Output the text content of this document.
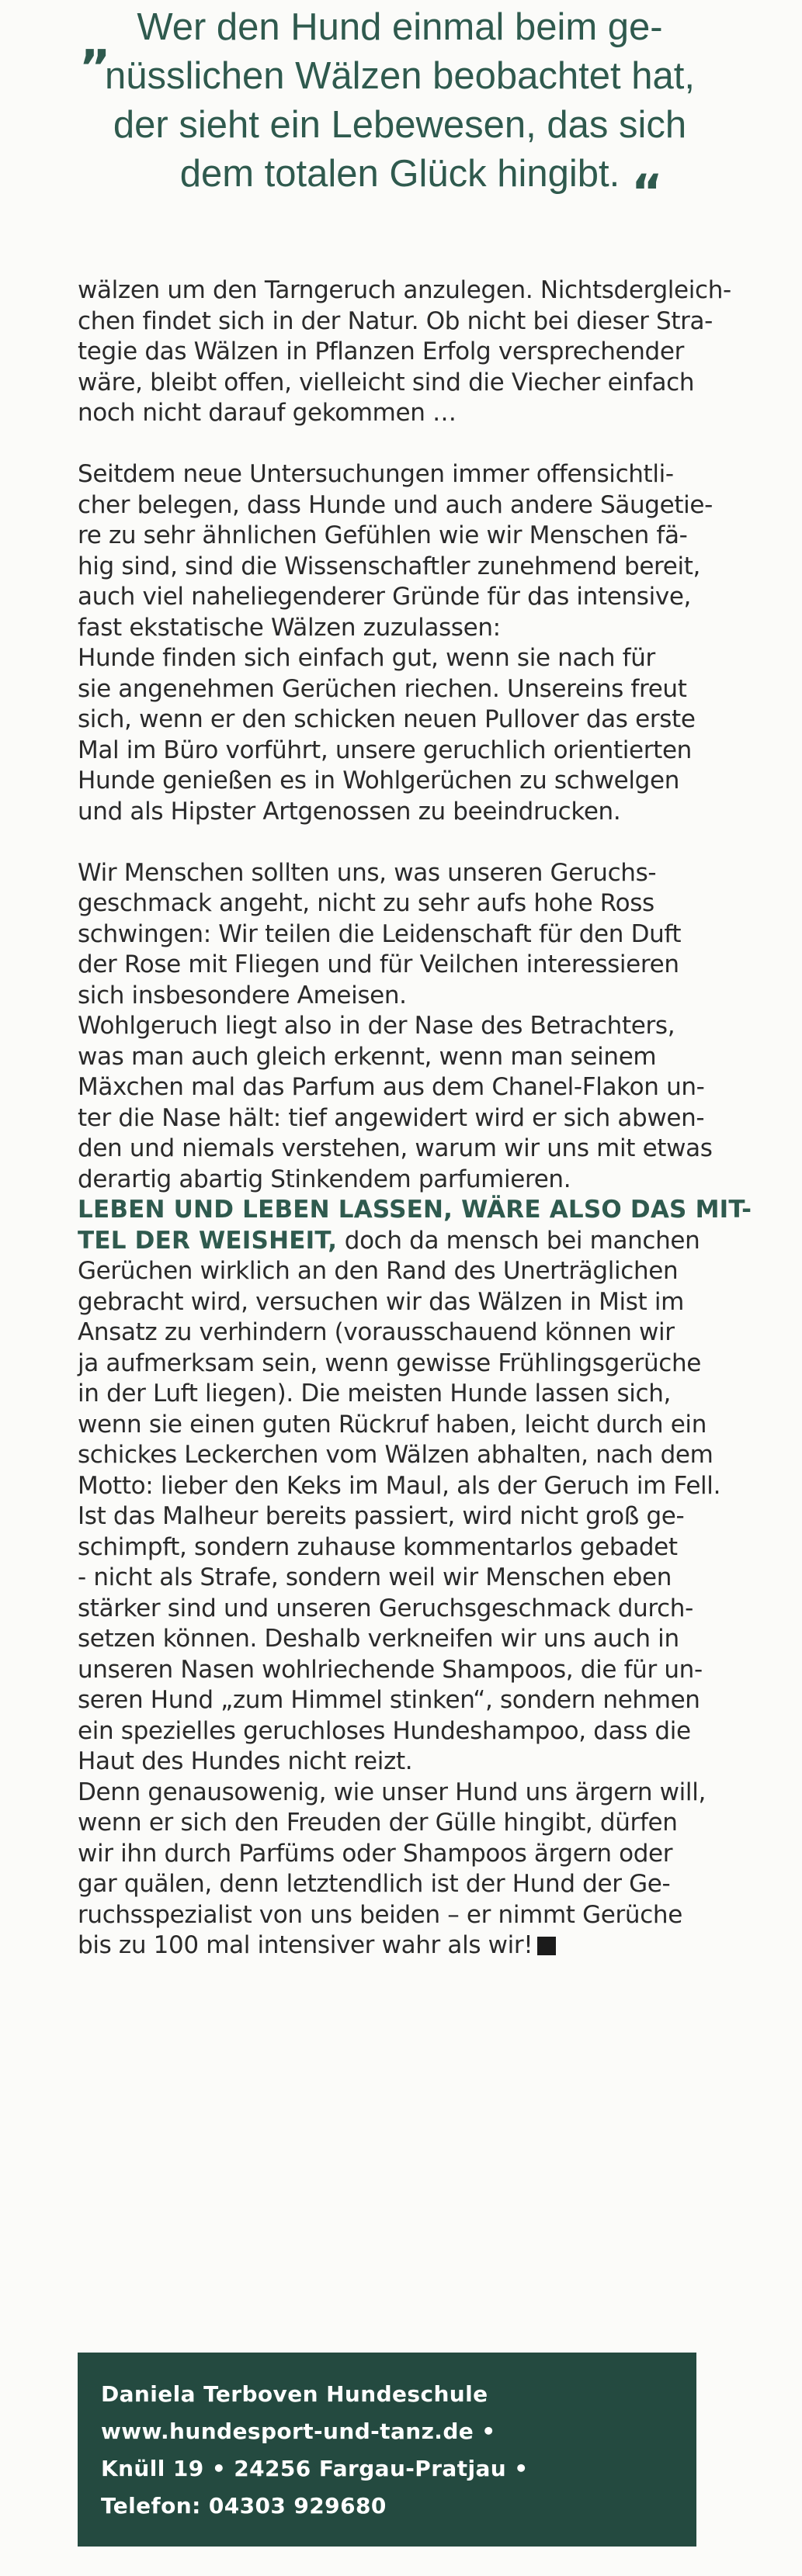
„ Wer den Hund einmal beim ge-
nüsslichen Wälzen beobachtet hat,
der sieht ein Lebewesen, das sich
dem totalen Glück hingibt. “
wälzen um den Tarngeruch anzulegen. Nichtsdergleich-
chen findet sich in der Natur. Ob nicht bei dieser Stra-
tegie das Wälzen in Pflanzen Erfolg versprechender
wäre, bleibt offen, vielleicht sind die Viecher einfach
noch nicht darauf gekommen …
Seitdem neue Untersuchungen immer offensichtli-
cher belegen, dass Hunde und auch andere Säugetie-
re zu sehr ähnlichen Gefühlen wie wir Menschen fä-
hig sind, sind die Wissenschaftler zunehmend bereit,
auch viel naheliegenderer Gründe für das intensive,
fast ekstatische Wälzen zuzulassen:
Hunde finden sich einfach gut, wenn sie nach für
sie angenehmen Gerüchen riechen. Unsereins freut
sich, wenn er den schicken neuen Pullover das erste
Mal im Büro vorführt, unsere geruchlich orientierten
Hunde genießen es in Wohlgerüchen zu schwelgen
und als Hipster Artgenossen zu beeindrucken.
Wir Menschen sollten uns, was unseren Geruchs-
geschmack angeht, nicht zu sehr aufs hohe Ross
schwingen: Wir teilen die Leidenschaft für den Duft
der Rose mit Fliegen und für Veilchen interessieren
sich insbesondere Ameisen.
Wohlgeruch liegt also in der Nase des Betrachters,
was man auch gleich erkennt, wenn man seinem
Mäxchen mal das Parfum aus dem Chanel-Flakon un-
ter die Nase hält: tief angewidert wird er sich abwen-
den und niemals verstehen, warum wir uns mit etwas
derartig abartig Stinkendem parfumieren.
LEBEN UND LEBEN LASSEN, WÄRE ALSO DAS MIT-
TEL DER WEISHEIT, doch da mensch bei manchen
Gerüchen wirklich an den Rand des Unerträglichen
gebracht wird, versuchen wir das Wälzen in Mist im
Ansatz zu verhindern (vorausschauend können wir
ja aufmerksam sein, wenn gewisse Frühlingsgerüche
in der Luft liegen). Die meisten Hunde lassen sich,
wenn sie einen guten Rückruf haben, leicht durch ein
schickes Leckerchen vom Wälzen abhalten, nach dem
Motto: lieber den Keks im Maul, als der Geruch im Fell.
Ist das Malheur bereits passiert, wird nicht groß ge-
schimpft, sondern zuhause kommentarlos gebadet
- nicht als Strafe, sondern weil wir Menschen eben
stärker sind und unseren Geruchsgeschmack durch-
setzen können. Deshalb verkneifen wir uns auch in
unseren Nasen wohlriechende Shampoos, die für un-
seren Hund „zum Himmel stinken“, sondern nehmen
ein spezielles geruchloses Hundeshampoo, dass die
Haut des Hundes nicht reizt.
Denn genausowenig, wie unser Hund uns ärgern will,
wenn er sich den Freuden der Gülle hingibt, dürfen
wir ihn durch Parfüms oder Shampoos ärgern oder
gar quälen, denn letztendlich ist der Hund der Ge-
ruchsspezialist von uns beiden – er nimmt Gerüche
bis zu 100 mal intensiver wahr als wir!
Daniela Terboven Hundeschule
www.hundesport-und-tanz.de •
Knüll 19 • 24256 Fargau-Pratjau •
Telefon: 04303 929680
